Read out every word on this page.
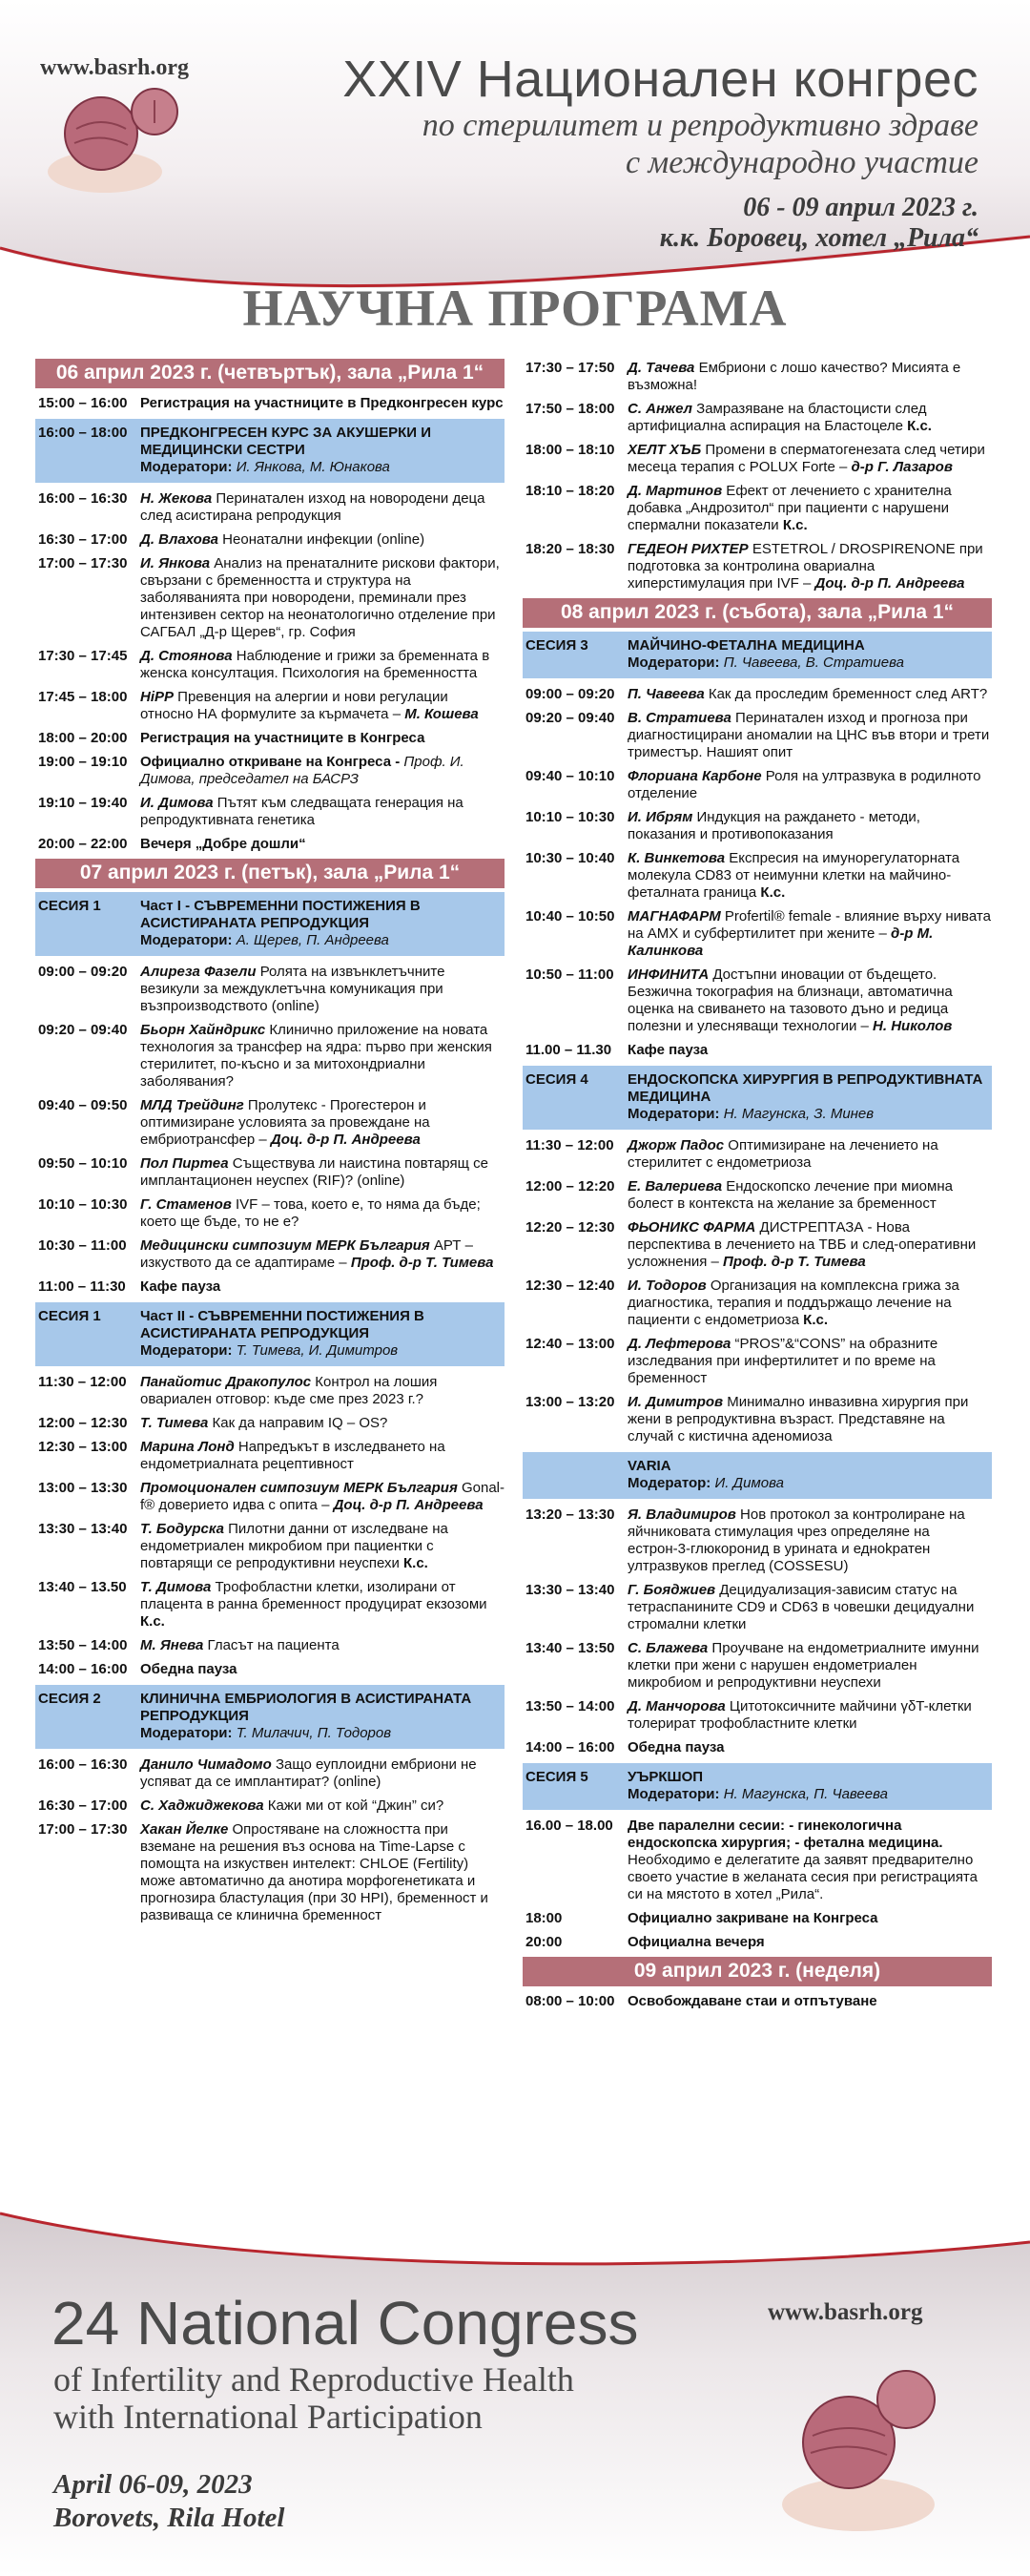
www.basrh.org	XXIV Национален конгрес
по стерилитет и репродуктивно здраве
с международно участие
06 - 09 април 2023 г.
к.к. Боровец, хотел „Рила“
НАУЧНА ПРОГРАМА
06 април 2023 г. (четвъртък), зала „Рила 1“
15:00 – 16:00 Регистрация на участниците в Предконгресен курс
16:00 – 18:00 ПРЕДКОНГРЕСЕН КУРС ЗА АКУШЕРКИ И МЕДИЦИНСКИ СЕСТРИ
Модератори: И. Янкова, М. Юнакова
16:00 – 16:30 Н. Жекова Перинатален изход на новородени деца след асистирана репродукция
16:30 – 17:00 Д. Влахова Неонатални инфекции (online)
17:00 – 17:30 И. Янкова Анализ на пренаталните рискови фактори, свързани с бременността и структура на заболяванията при новородени, преминали през интензивен сектор на неонатологично отделение при САГБАЛ „Д-р Щерев“, гр. София
17:30 – 17:45 Д. Стоянова Наблюдение и грижи за бременната в женска консултация. Психология на бременността
17:45 – 18:00 HiPP Превенция на алергии и нови регулации относно НА формулите за кърмачета – М. Кошева
18:00 – 20:00 Регистрация на участниците в Конгреса
19:00 – 19:10 Официално откриване на Конгреса - Проф. И. Димова, председател на БАСРЗ
19:10 – 19:40 И. Димова Пътят към следващата генерация на репродуктивната генетика
20:00 – 22:00 Вечеря „Добре дошли“
07 април 2023 г. (петък), зала „Рила 1“
СЕСИЯ 1	Част I - СЪВРЕМЕННИ ПОСТИЖЕНИЯ В АСИСТИРАНАТА РЕПРОДУКЦИЯ
Модератори: А. Щерев, П. Андреева
09:00 – 09:20 Алиреза Фазели Ролята на извънклетъчните везикули за междуклетъчна комуникация при възпроизводството (online)
09:20 – 09:40 Бьорн Хайндрикс Клинично приложение на новата технология за трансфер на ядра: първо при женския стерилитет, по-късно и за митохондриални заболявания?
09:40 – 09:50 МЛД Трейдинг Пролутекс - Прогестерон и оптимизиране условията за провеждане на ембриотрансфер – Доц. д-р П. Андреева
09:50 – 10:10 Пол Пиртеа Съществува ли наистина повтарящ се имплантационен неуспех (RIF)? (online)
10:10 – 10:30 Г. Стаменов IVF – това, което е, то няма да бъде; което ще бъде, то не е?
10:30 – 11:00 Медицински симпозиум МЕРК България АРТ – изкуството да се адаптираме – Проф. д-р Т. Тимева
11:00 – 11:30	Кафе пауза
СЕСИЯ 1	Част II - СЪВРЕМЕННИ ПОСТИЖЕНИЯ В АСИСТИРАНАТА РЕПРОДУКЦИЯ
Модератори: Т. Тимева, И. Димитров
11:30 – 12:00 Панайотис Дракопулос Контрол на лошия овариален отговор: къде сме през 2023 г.?
12:00 – 12:30 Т. Тимева Как да направим IQ – OS?
12:30 – 13:00 Марина Лонд Напредъкът в изследването на ендометриалната рецептивност
13:00 – 13:30 Промоционален симпозиум МЕРК България Gonal-f® довериeто идва с опита – Доц. д-р П. Андреева
13:30 – 13:40 Т. Бодурска Пилотни данни от изследване на ендометриален микробиом при пациентки с повтарящи се репродуктивни неуспехи К.с.
13:40 – 13.50 Т. Димова Трофобластни клетки, изолирани от плацента в ранна бременност продуцират екзозоми К.с.
13:50 – 14:00 М. Янева Гласът на пациента
14:00 – 16:00 Обедна пауза
СЕСИЯ 2	КЛИНИЧНА ЕМБРИОЛОГИЯ В АСИСТИРАНАТА РЕПРОДУКЦИЯ
Модератори: Т. Милачич, П. Тодоров
16:00 – 16:30 Данило Чимадомо Защо еуплоидни ембриони не успяват да се имплантират? (online)
16:30 – 17:00 С. Хаджиджекова Кажи ми от кой “Джин” си?
17:00 – 17:30 Хакан Йелке Опростяване на сложността при вземане на решения въз основа на Time-Lapse с помощта на изкуствен интелект: CHLOE (Fertility) може автоматично да анотира морфогенетиката и прогнозира бластулация (при 30 HPI), бременност и развиваща се клинична бременност
17:30 – 17:50 Д. Тачева Ембриони с лошо качество? Мисията е възможна!
17:50 – 18:00 С. Анжел Замразяване на бластоцисти след артифициална аспирация на Бластоцеле К.с.
18:00 – 18:10 ХЕЛТ ХЪБ Промени в сперматогенезата след четири месеца терапия с POLUX Forte – д-р Г. Лазаров
18:10 – 18:20 Д. Мартинов Ефект от лечението с хранителна добавка „Андрозитол“ при пациенти с нарушени спермални показатели К.с.
18:20 – 18:30 ГЕДЕОН РИХТЕР ESTETROL / DROSPIRENONE при подготовка за контролина овариална хиперстимулация при IVF – Доц. д-р П. Андреева
08 април 2023 г. (събота), зала „Рила 1“
СЕСИЯ 3	МАЙЧИНО-ФЕТАЛНА МЕДИЦИНА
Модератори: П. Чавеева, В. Стратиева
09:00 – 09:20 П. Чавеева Как да проследим бременност след ART?
09:20 – 09:40 В. Стратиева Перинатален изход и прогноза при диагностицирани аномалии на ЦНС във втори и трети триместър. Нашият опит
09:40 – 10:10 Флориана Карбоне Роля на ултразвука в родилното отделение
10:10 – 10:30 И. Ибрям Индукция на раждането - методи, показания и противопоказания
10:30 – 10:40 К. Винкетова Експресия на имунорегулаторната молекула CD83 от неимунни клетки на майчино-феталната граница К.с.
10:40 – 10:50 МАГНАФАРМ Profertil® female - влияние върху нивата на АМХ и субфертилитет при жените – д-р М. Калинкова
10:50 – 11:00 ИНФИНИТА Достъпни иновации от бъдещето. Безжична токография на близнаци, автоматична оценка на свиването на тазовото дъно и редица полезни и улесняващи технологии – Н. Николов
11.00 – 11.30	Кафе пауза
СЕСИЯ 4	ЕНДОСКОПСКА ХИРУРГИЯ В РЕПРОДУКТИВНАТА МЕДИЦИНА
Модератори: Н. Магунска, З. Минев
11:30 – 12:00 Джорж Падос Оптимизиране на лечението на стерилитет с ендометриоза
12:00 – 12:20 Е. Валериева Ендоскопско лечение при миомна болест в контекста на желание за бременност
12:20 – 12:30 ФЬОНИКС ФАРМА ДИСТРЕПТАЗА - Нова перспектива в лечението на ТВБ и след-оперативни усложнения – Проф. д-р Т. Тимева
12:30 – 12:40 И. Тодоров Организация на комплексна грижа за диагностика, терапия и поддържащо лечение на пациенти с ендометриоза К.с.
12:40 – 13:00 Д. Лефтерова “PROS”&“CONS” на образните изследвания при инфертилитет и по време на бременност
13:00 – 13:20 И. Димитров Минимално инвазивна хирургия при жени в репродуктивна възраст. Представяне на случай с кистична аденомиоза
VARIA
Модератор: И. Димова
13:20 – 13:30 Я. Владимиров Нов протокол за контролиране на яйчниковата стимулация чрез определяне на естрон-3-глюкоронид в урината и едноkратен ултразвуков преглед (COSSESU)
13:30 – 13:40 Г. Бояджиев Децидуализация-зависим статус на тетраспанините CD9 и CD63 в човешки децидуални стромални клетки
13:40 – 13:50 С. Блажева Проучване на ендометриалните имунни клетки при жени с нарушен ендометриален микробиом и репродуктивни неуспехи
13:50 – 14:00 Д. Манчорова Цитотоксичните майчини γδT-клетки толерират трофобластните клетки
14:00 – 16:00 Обедна пауза
СЕСИЯ 5	УЪРКШОП
Модератори: Н. Магунска, П. Чавеева
16.00 – 18.00	Две паралелни сесии: - гинекологична ендоскопска хирургия; - фетална медицина. Необходимо е делегатите да заявят предварително своето участие в желаната сесия при регистрацията си на мястото в хотел „Рила“.
18:00	Официално закриване на Конгреса
20:00	Официална вечеря
09 април 2023 г. (неделя)
08:00 – 10:00 Освобождаване стаи и отпътуване
24 National Congress
of Infertility and Reproductive Health
with International Participation
April 06-09, 2023
Borovets, Rila Hotel
www.basrh.org
